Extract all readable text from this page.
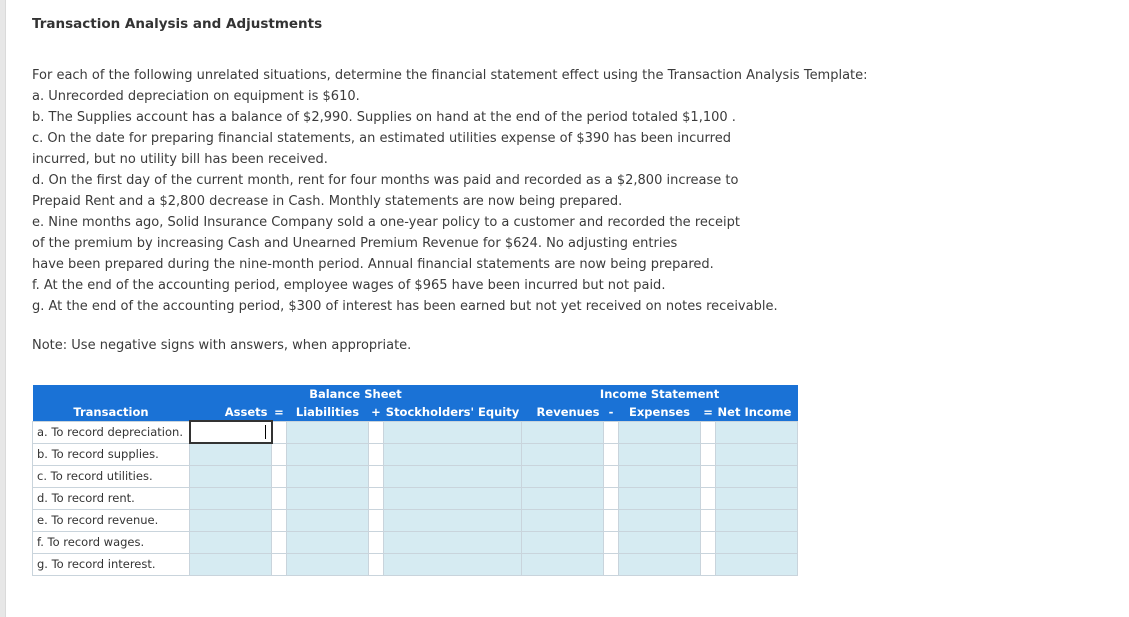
Transaction Analysis and Adjustments
For each of the following unrelated situations, determine the financial statement effect using the Transaction Analysis Template:
a. Unrecorded depreciation on equipment is $610.
b. The Supplies account has a balance of $2,990. Supplies on hand at the end of the period totaled $1,100 .
c. On the date for preparing financial statements, an estimated utilities expense of $390 has been incurred
incurred, but no utility bill has been received.
d. On the first day of the current month, rent for four months was paid and recorded as a $2,800 increase to
Prepaid Rent and a $2,800 decrease in Cash. Monthly statements are now being prepared.
e. Nine months ago, Solid Insurance Company sold a one-year policy to a customer and recorded the receipt
of the premium by increasing Cash and Unearned Premium Revenue for $624. No adjusting entries
have been prepared during the nine-month period. Annual financial statements are now being prepared.
f. At the end of the accounting period, employee wages of $965 have been incurred but not paid.
g. At the end of the accounting period, $300 of interest has been earned but not yet received on notes receivable.
Note: Use negative signs with answers, when appropriate.
	Balance Sheet					Income Statement				
Transaction	Assets	=	Liabilities	+	Stockholders' Equity	Revenues	-	Expenses	=	Net Income
a. To record depreciation.										
b. To record supplies.										
c. To record utilities.										
d. To record rent.										
e. To record revenue.										
f. To record wages.										
g. To record interest.										
